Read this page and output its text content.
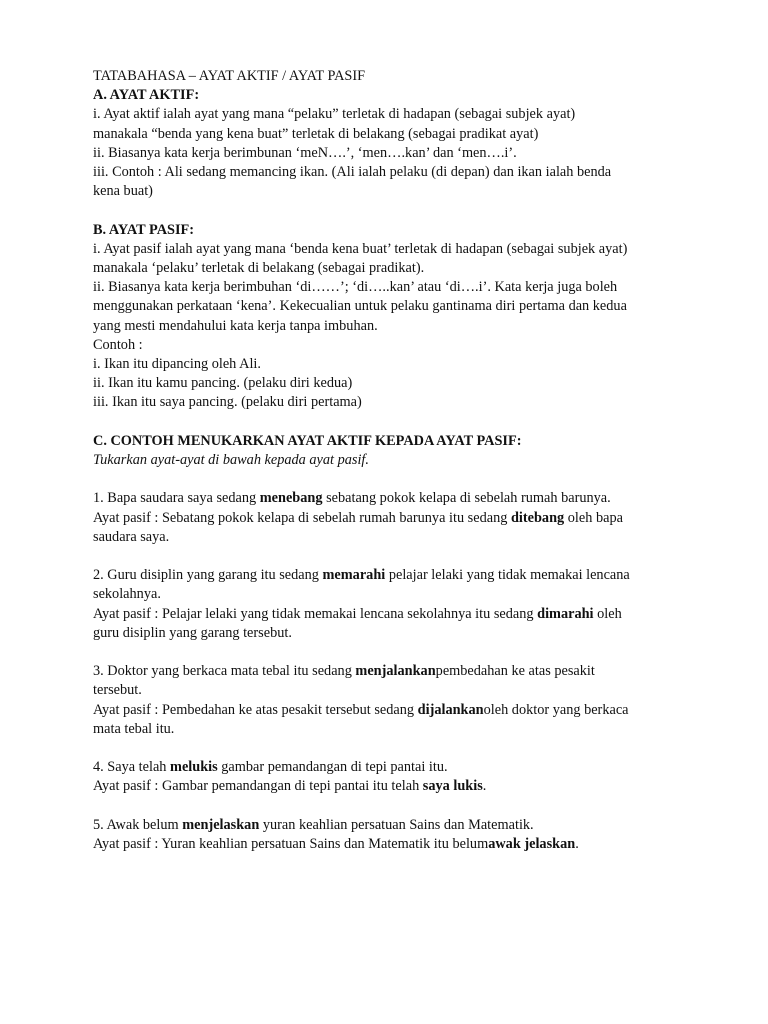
TATABAHASA – AYAT AKTIF / AYAT PASIF

A. AYAT AKTIF:

i. Ayat aktif ialah ayat yang mana “pelaku” terletak di hadapan (sebagai subjek ayat)

manakala “benda yang kena buat” terletak di belakang (sebagai pradikat ayat)

ii. Biasanya kata kerja berimbunan ‘meN….’, ‘men….kan’ dan ‘men….i’.

iii. Contoh : Ali sedang memancing ikan. (Ali ialah pelaku (di depan) dan ikan ialah benda

kena buat)

B. AYAT PASIF:

i. Ayat pasif ialah ayat yang mana ‘benda kena buat’ terletak di hadapan (sebagai subjek ayat)

manakala ‘pelaku’ terletak di belakang (sebagai pradikat).

ii. Biasanya kata kerja berimbuhan ‘di……’; ‘di…..kan’ atau ‘di….i’. Kata kerja juga boleh

menggunakan perkataan ‘kena’. Kekecualian untuk pelaku gantinama diri pertama dan kedua

yang mesti mendahului kata kerja tanpa imbuhan.

Contoh :

i. Ikan itu dipancing oleh Ali.

ii. Ikan itu kamu pancing. (pelaku diri kedua)

iii. Ikan itu saya pancing. (pelaku diri pertama)

C. CONTOH MENUKARKAN AYAT AKTIF KEPADA AYAT PASIF:

Tukarkan ayat-ayat di bawah kepada ayat pasif.

1. Bapa saudara saya sedang menebang sebatang pokok kelapa di sebelah rumah barunya.

Ayat pasif : Sebatang pokok kelapa di sebelah rumah barunya itu sedang ditebang oleh bapa

saudara saya.

2. Guru disiplin yang garang itu sedang memarahi pelajar lelaki yang tidak memakai lencana

sekolahnya.

Ayat pasif : Pelajar lelaki yang tidak memakai lencana sekolahnya itu sedang dimarahi oleh

guru disiplin yang garang tersebut.

3. Doktor yang berkaca mata tebal itu sedang menjalankanpembedahan ke atas pesakit

tersebut.

Ayat pasif : Pembedahan ke atas pesakit tersebut sedang dijalankanoleh doktor yang berkaca

mata tebal itu.

4. Saya telah melukis gambar pemandangan di tepi pantai itu.

Ayat pasif : Gambar pemandangan di tepi pantai itu telah saya lukis.

5. Awak belum menjelaskan yuran keahlian persatuan Sains dan Matematik.

Ayat pasif : Yuran keahlian persatuan Sains dan Matematik itu belumawak jelaskan.
